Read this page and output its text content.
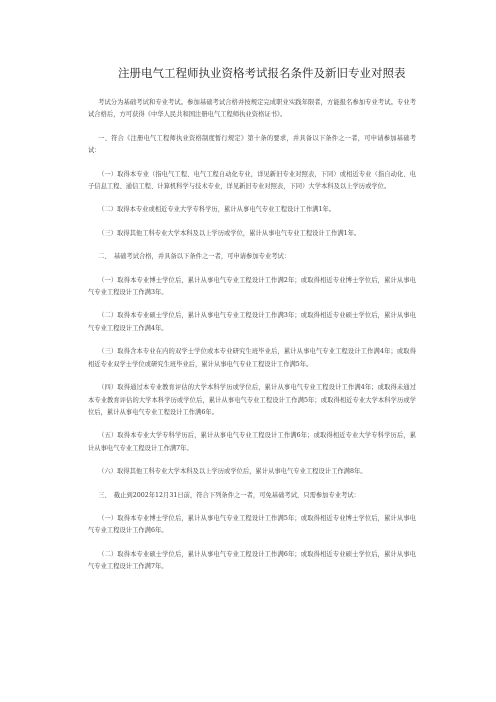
注册电气工程师执业资格考试报名条件及新旧专业对照表

考试分为基础考试和专业考试。参加基础考试合格并按规定完成职业实践年限者，方能报名参加专业考试。专业考试合格后，方可获得《中华人民共和国注册电气工程师执业资格证书》。

一、符合《注册电气工程师执业资格制度暂行规定》第十条的要求，并具备以下条件之一者，可申请参加基础考试：

（一）取得本专业（指电气工程、电气工程自动化专业，详见新旧专业对照表，下同）或相近专业（指自动化、电子信息工程、通信工程、计算机科学与技术专业，详见新旧专业对照表，下同）大学本科及以上学历或学位。

（二）取得本专业或相近专业大学专科学历，累计从事电气专业工程设计工作满1年。

（三）取得其他工科专业大学本科及以上学历或学位，累计从事电气专业工程设计工作满1年。

二、　基础考试合格，并具备以下条件之一者，可申请参加专业考试：

（一）取得本专业博士学位后，累计从事电气专业工程设计工作满2年；或取得相近专业博士学位后，累计从事电气专业工程设计工作满3年。

（二）取得本专业硕士学位后，累计从事电气专业工程设计工作满3年；或取得相近专业硕士学位后，累计从事电气专业工程设计工作满4年。

（三）取得含本专业在内的双学士学位或本专业研究生班毕业后，累计从事电气专业工程设计工作满4年；或取得相近专业双学士学位或研究生班毕业后，累计从事电气专业工程设计工作满5年。

（四）取得通过本专业教育评估的大学本科学历或学位后，累计从事电气专业工程设计工作满4年；或取得未通过本专业教育评估的大学本科学历或学位后，累计从事电气专业工程设计工作满5年；或取得相近专业大学本科学历或学位后，累计从事电气专业工程设计工作满6年。

（五）取得本专业大学专科学历后，累计从事电气专业工程设计工作满6年；或取得相近专业大学专科学历后，累计从事电气专业工程设计工作满7年。

（六）取得其他工科专业大学本科及以上学历或学位后，累计从事电气专业工程设计工作满8年。

三、　截止到2002年12月31日前，符合下列条件之一者，可免基础考试，只需参加专业考试：

（一）取得本专业博士学位后，累计从事电气专业工程设计工作满5年；或取得相近专业博士学位后，累计从事电气专业工程设计工作满6年。

（二）取得本专业硕士学位后，累计从事电气专业工程设计工作满6年；或取得相近专业硕士学位后，累计从事电气专业工程设计工作满7年。
